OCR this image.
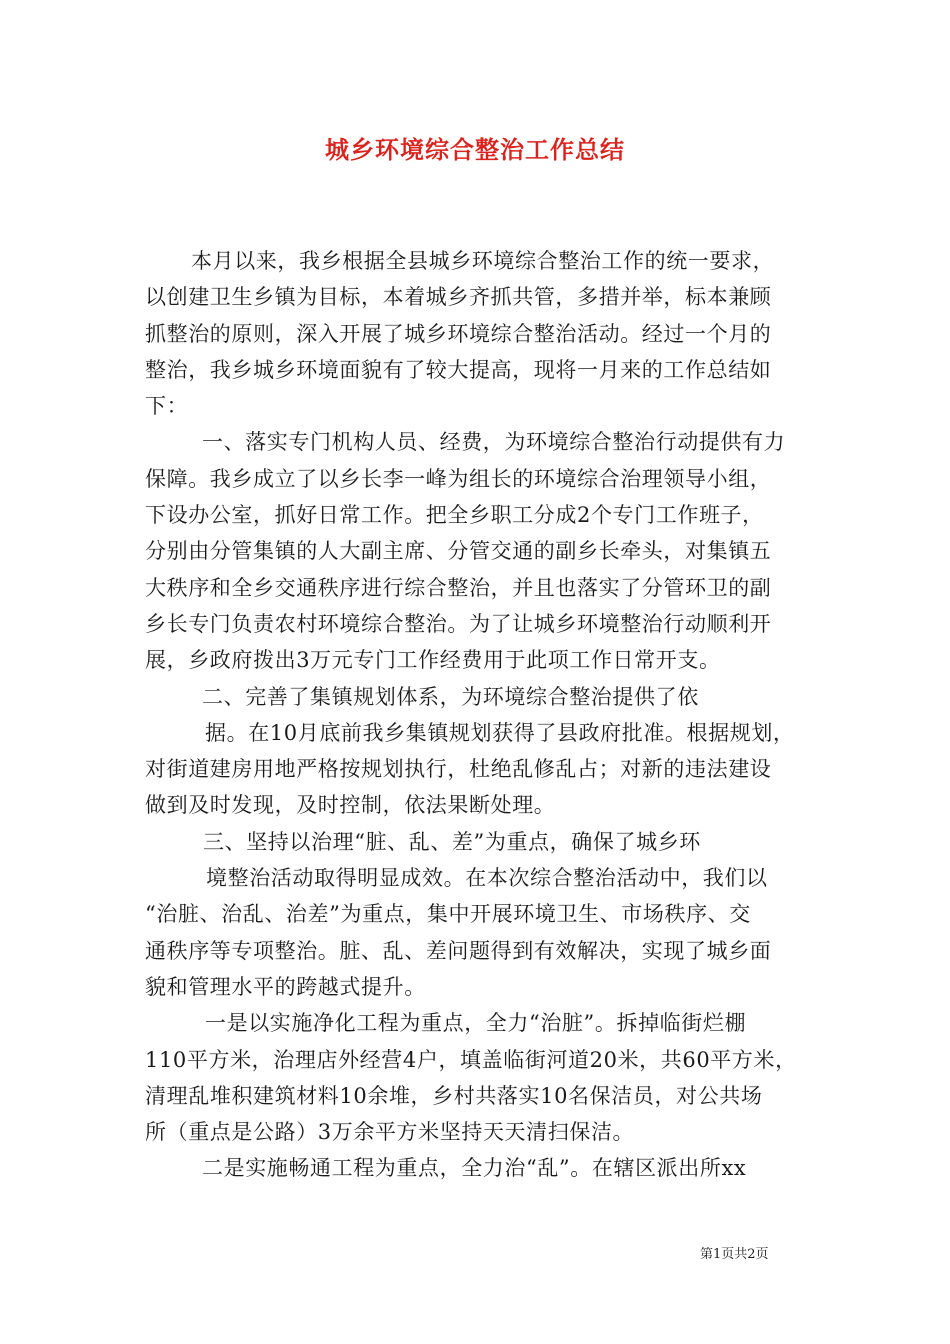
城乡环境综合整治工作总结
本月以来，我乡根据全县城乡环境综合整治工作的统一要求，
以创建卫生乡镇为目标，本着城乡齐抓共管，多措并举，标本兼顾
抓整治的原则，深入开展了城乡环境综合整治活动。经过一个月的
整治，我乡城乡环境面貌有了较大提高，现将一月来的工作总结如
下：
一、落实专门机构人员、经费，为环境综合整治行动提供有力
保障。我乡成立了以乡长李一峰为组长的环境综合治理领导小组，
下设办公室，抓好日常工作。把全乡职工分成2个专门工作班子，
分别由分管集镇的人大副主席、分管交通的副乡长牵头，对集镇五
大秩序和全乡交通秩序进行综合整治，并且也落实了分管环卫的副
乡长专门负责农村环境综合整治。为了让城乡环境整治行动顺利开
展，乡政府拨出3万元专门工作经费用于此项工作日常开支。
二、完善了集镇规划体系，为环境综合整治提供了依
据。在10月底前我乡集镇规划获得了县政府批准。根据规划，
对街道建房用地严格按规划执行，杜绝乱修乱占；对新的违法建设
做到及时发现，及时控制，依法果断处理。
三、坚持以治理“脏、乱、差”为重点，确保了城乡环
境整治活动取得明显成效。在本次综合整治活动中，我们以
“治脏、治乱、治差”为重点，集中开展环境卫生、市场秩序、交
通秩序等专项整治。脏、乱、差问题得到有效解决，实现了城乡面
貌和管理水平的跨越式提升。
一是以实施净化工程为重点，全力“治脏”。拆掉临街烂棚
110平方米，治理店外经营4户，填盖临街河道20米，共60平方米，
清理乱堆积建筑材料10余堆，乡村共落实10名保洁员，对公共场
所（重点是公路）3万余平方米坚持天天清扫保洁。
二是实施畅通工程为重点，全力治“乱”。在辖区派出所xx
第1页共2页
